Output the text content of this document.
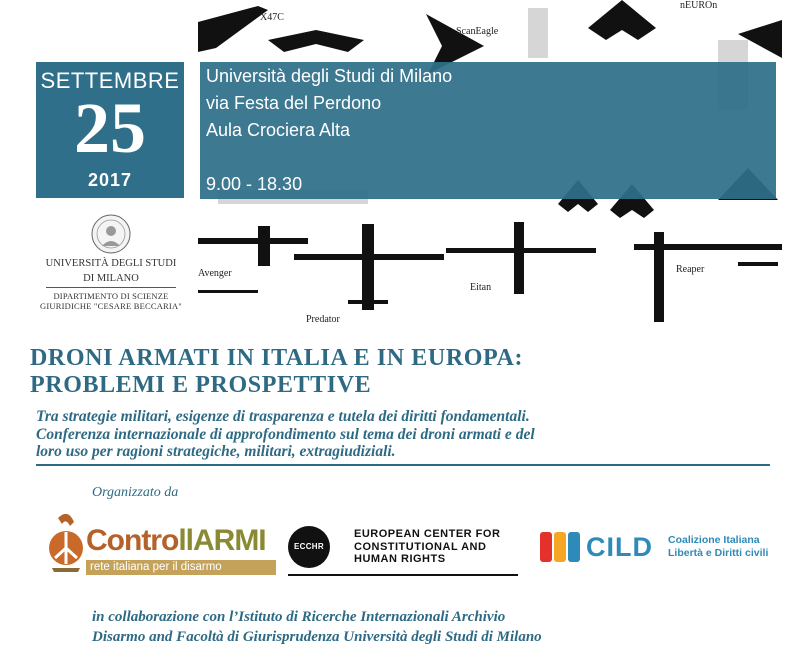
X47C
ScanEagle
nEUROn
Avenger
Predator
Eitan
Reaper
SETTEMBRE
25
2017
Università degli Studi di Milano
via Festa del Perdono
Aula Crociera Alta
9.00 - 18.30
UNIVERSITÀ DEGLI STUDI
DI MILANO
DIPARTIMENTO DI SCIENZE
GIURIDICHE "CESARE BECCARIA"
DRONI ARMATI IN ITALIA E IN EUROPA:
PROBLEMI E PROSPETTIVE
Tra strategie militari, esigenze di trasparenza e tutela dei diritti fondamentali.
Conferenza internazionale di approfondimento sul tema dei droni armati e del
loro uso per ragioni strategiche, militari, extragiudiziali.
Organizzato da
ControllARMI
rete italiana per il disarmo
ECCHR
EUROPEAN CENTER FOR
CONSTITUTIONAL AND
HUMAN RIGHTS	CILD Coalizione Italiana
Libertà e Diritti civili
in collaborazione con l’Istituto di Ricerche Internazionali Archivio
Disarmo and Facoltà di Giurisprudenza Università degli Studi di Milano
